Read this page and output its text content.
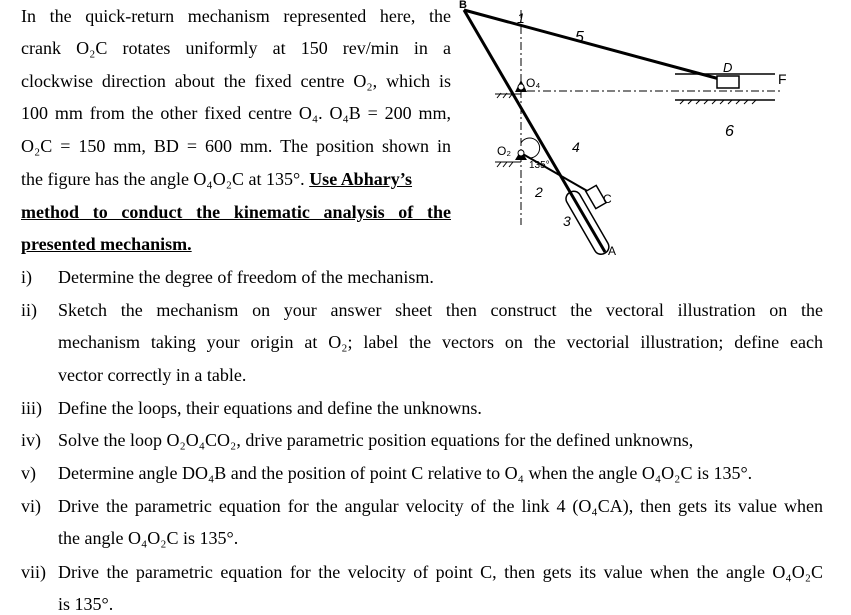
In the quick-return mechanism represented here, the
crank O₂C rotates uniformly at 150 rev/min in a
clockwise direction about the fixed centre O₂, which is
100 mm from the other fixed centre O₄. O₄B = 200 mm,
O₂C = 150 mm, BD = 600 mm. The position shown in
the figure has the angle O₄O₂C at 135°. Use Abhary’s
method to conduct the kinematic analysis of the
presented mechanism.
B
O₄
O₂
135°
D
F
C
A
1
2
3
4
5
6
i) Determine the degree of freedom of the mechanism.
ii) Sketch the mechanism on your answer sheet then construct the vectoral illustration on the
mechanism taking your origin at O₂; label the vectors on the vectorial illustration; define each
vector correctly in a table.
iii) Define the loops, their equations and define the unknowns.
iv) Solve the loop O₂O₄CO₂, drive parametric position equations for the defined unknowns,
v) Determine angle DO₄B and the position of point C relative to O₄ when the angle O₄O₂C is 135°.
vi) Drive the parametric equation for the angular velocity of the link 4 (O₄CA), then gets its value when
the angle O₄O₂C is 135°.
vii) Drive the parametric equation for the velocity of point C, then gets its value when the angle O₄O₂C
is 135°.
